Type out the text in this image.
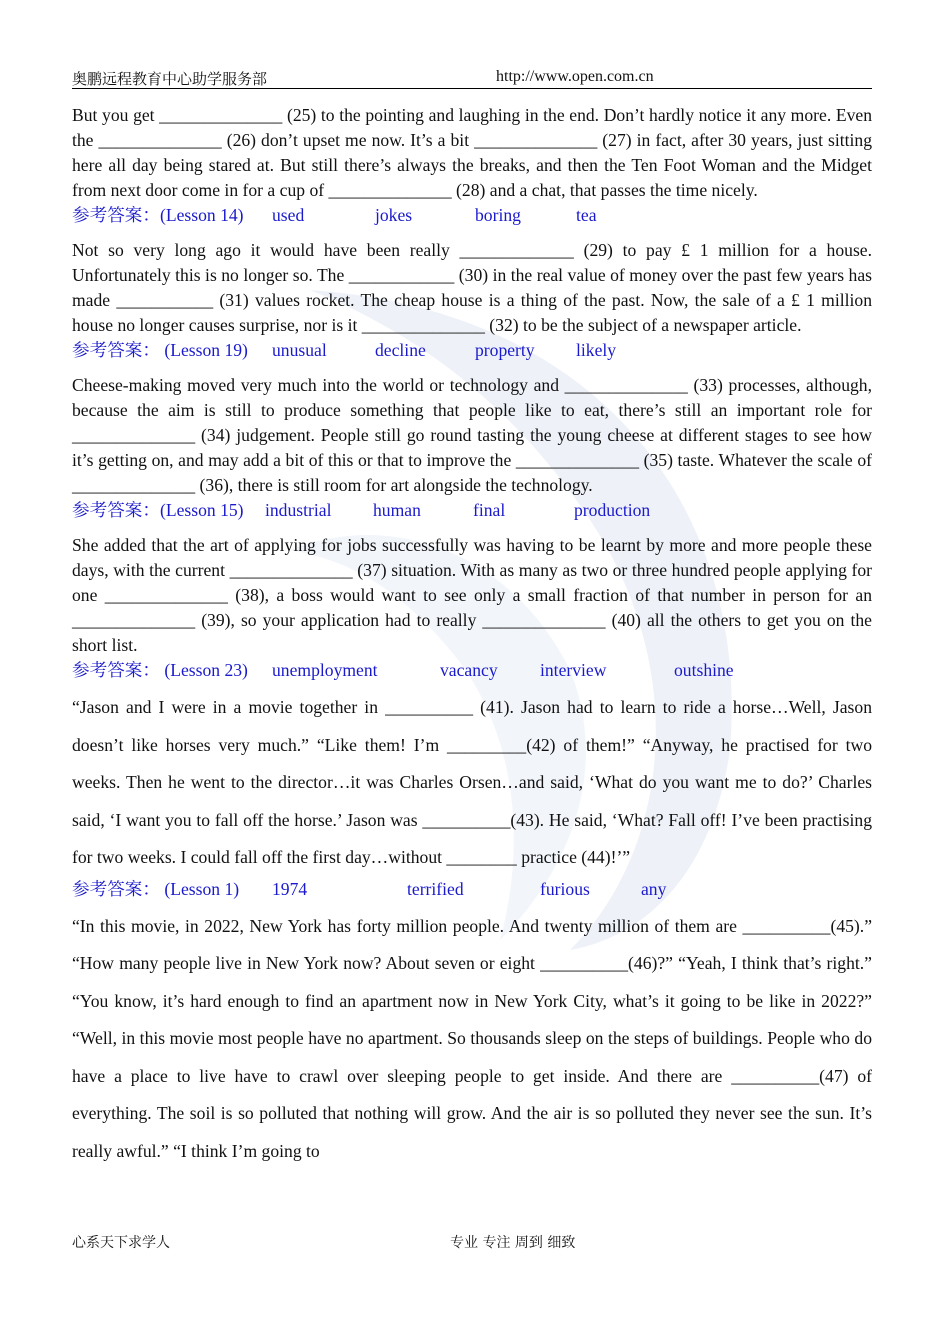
奥鹏远程教育中心助学服务部	http://www.open.com.cn

But you get ______________ (25) to the pointing and laughing in the end. Don’t hardly notice it any more. Even the ______________ (26) don’t upset me now. It’s a bit ______________ (27) in fact, after 30 years, just sitting here all day being stared at. But still there’s always the breaks, and then the Ten Foot Woman and the Midget from next door come in for a cup of ______________ (28) and a chat, that passes the time nicely.

参考答案：(Lesson 14) used	jokes	boring	tea

Not so very long ago it would have been really _____________ (29) to pay £ 1 million for a house. Unfortunately this is no longer so. The ____________ (30) in the real value of money over the past few years has made ___________ (31) values rocket. The cheap house is a thing of the past. Now, the sale of a £ 1 million house no longer causes surprise, nor is it ______________ (32) to be the subject of a newspaper article.

参考答案： (Lesson 19) unusual	decline	property likely

Cheese-making moved very much into the world or technology and ______________ (33) processes, although, because the aim is still to produce something that people like to eat, there’s still an important role for ______________ (34) judgement. People still go round tasting the young cheese at different stages to see how it’s getting on, and may add a bit of this or that to improve the ______________ (35) taste. Whatever the scale of ______________ (36), there is still room for art alongside the technology.

参考答案：(Lesson 15) industrial human	final	production

She added that the art of applying for jobs successfully was having to be learnt by more and more people these days, with the current ______________ (37) situation. With as many as two or three hundred people applying for one ______________ (38), a boss would want to see only a small fraction of that number in person for an ______________ (39), so your application had to really ______________ (40) all the others to get you on the short list.

参考答案： (Lesson 23) unemployment	vacancy interview	outshine

“Jason and I were in a movie together in __________ (41). Jason had to learn to ride a horse…Well, Jason doesn’t like horses very much.” “Like them! I’m _________(42) of them!” “Anyway, he practised for two weeks. Then he went to the director…it was Charles Orsen…and said, ‘What do you want me to do?’ Charles said, ‘I want you to fall off the horse.’ Jason was __________(43). He said, ‘What? Fall off! I’ve been practising for two weeks. I could fall off the first day…without ________ practice (44)!’”

参考答案： (Lesson 1) 1974	terrified	furious	any

“In this movie, in 2022, New York has forty million people. And twenty million of them are __________(45).” “How many people live in New York now? About seven or eight __________(46)?” “Yeah, I think that’s right.” “You know, it’s hard enough to find an apartment now in New York City, what’s it going to be like in 2022?” “Well, in this movie most people have no apartment. So thousands sleep on the steps of buildings. People who do have a place to live have to crawl over sleeping people to get inside. And there are __________(47) of everything. The soil is so polluted that nothing will grow. And the air is so polluted they never see the sun. It’s really awful.” “I think I’m going to

心系天下求学人	专业 专注 周到 细致
